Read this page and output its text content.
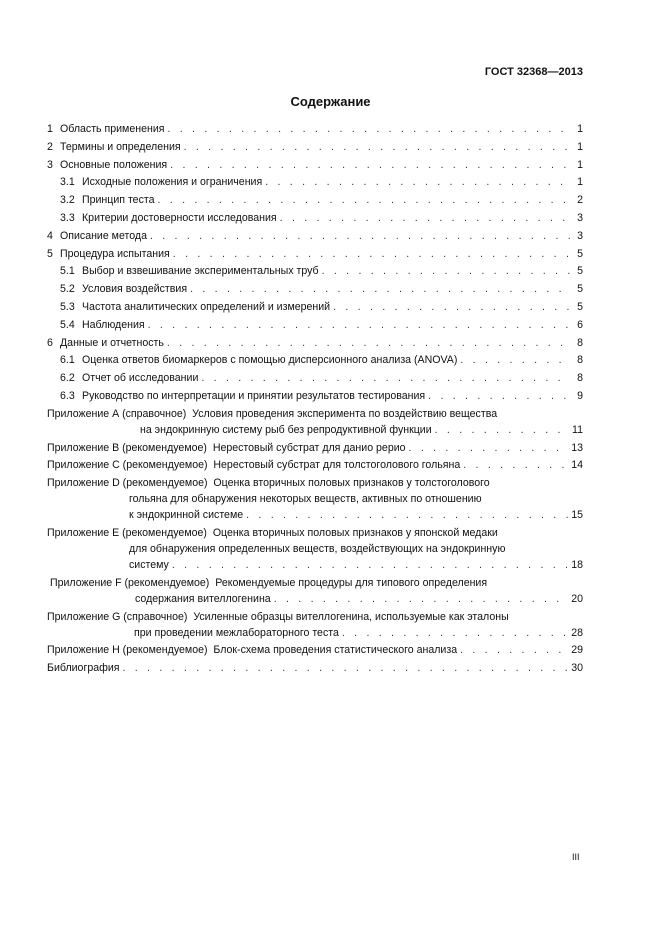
ГОСТ 32368—2013
Содержание
1 Область применения . . .	1
2 Термины и определения . . .	1
3 Основные положения . . .	1
3.1 Исходные положения и ограничения . . .	1
3.2 Принцип теста . . .	2
3.3 Критерии достоверности исследования . . .	3
4 Описание метода . . .	3
5 Процедура испытания . . .	5
5.1 Выбор и взвешивание экспериментальных труб . . .	5
5.2 Условия воздействия . . .	5
5.3 Частота аналитических определений и измерений . . .	5
5.4 Наблюдения . . .	6
6 Данные и отчетность . . .	8
6.1 Оценка ответов биомаркеров с помощью дисперсионного анализа (ANOVA) . . .	8
6.2 Отчет об исследовании . . .	8
6.3 Руководство по интерпретации и принятии результатов тестирования . . .	9
Приложение А (справочное) Условия проведения эксперимента по воздействию вещества
на эндокринную систему рыб без репродуктивной функции . . .	11
Приложение В (рекомендуемое) Нерестовый субстрат для данио рерио . . .	13
Приложение С (рекомендуемое) Нерестовый субстрат для толстоголового гольяна . . .	14
Приложение D (рекомендуемое) Оценка вторичных половых признаков у толстоголового
гольяна для обнаружения некоторых веществ, активных по отношению
к эндокринной системе . . .	15
Приложение Е (рекомендуемое) Оценка вторичных половых признаков у японской медаки
для обнаружения определенных веществ, воздействующих на эндокринную
систему . . .	18
Приложение F (рекомендуемое) Рекомендуемые процедуры для типового определения
содержания вителлогенина . . .	20
Приложение G (справочное) Усиленные образцы вителлогенина, используемые как эталоны
при проведении межлабораторного теста . . .	28
Приложение Н (рекомендуемое) Блок-схема проведения статистического анализа . . .	29
Библиография . . .	30
III
